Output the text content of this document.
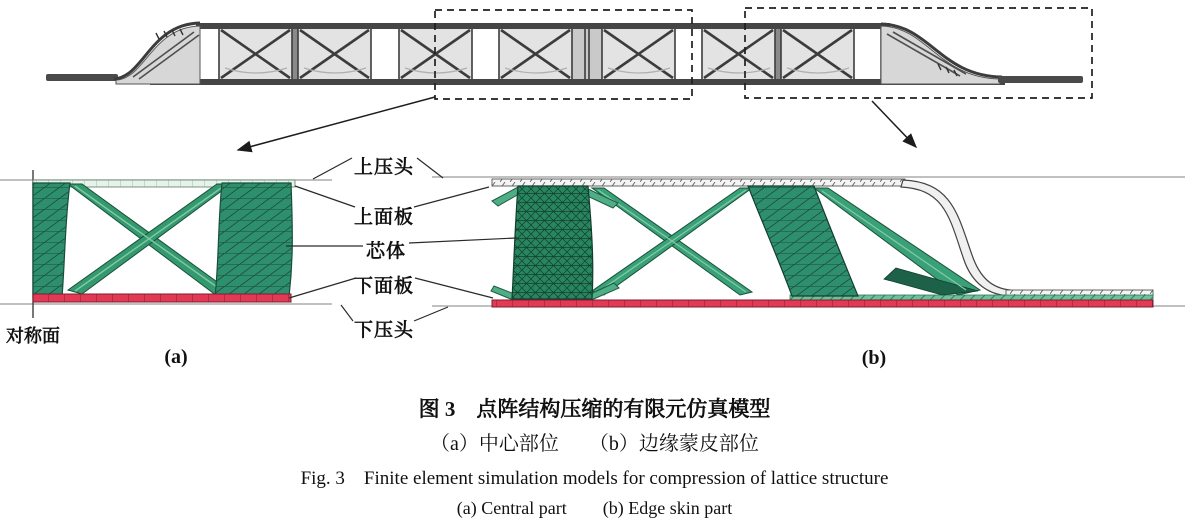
上压头
上面板
芯体
下面板
下压头
对称面
(a)	(b)
图 3　点阵结构压缩的有限元仿真模型
（a）中心部位　　（b）边缘蒙皮部位
Fig. 3　Finite element simulation models for compression of lattice structure
(a) Central part　　(b) Edge skin part
